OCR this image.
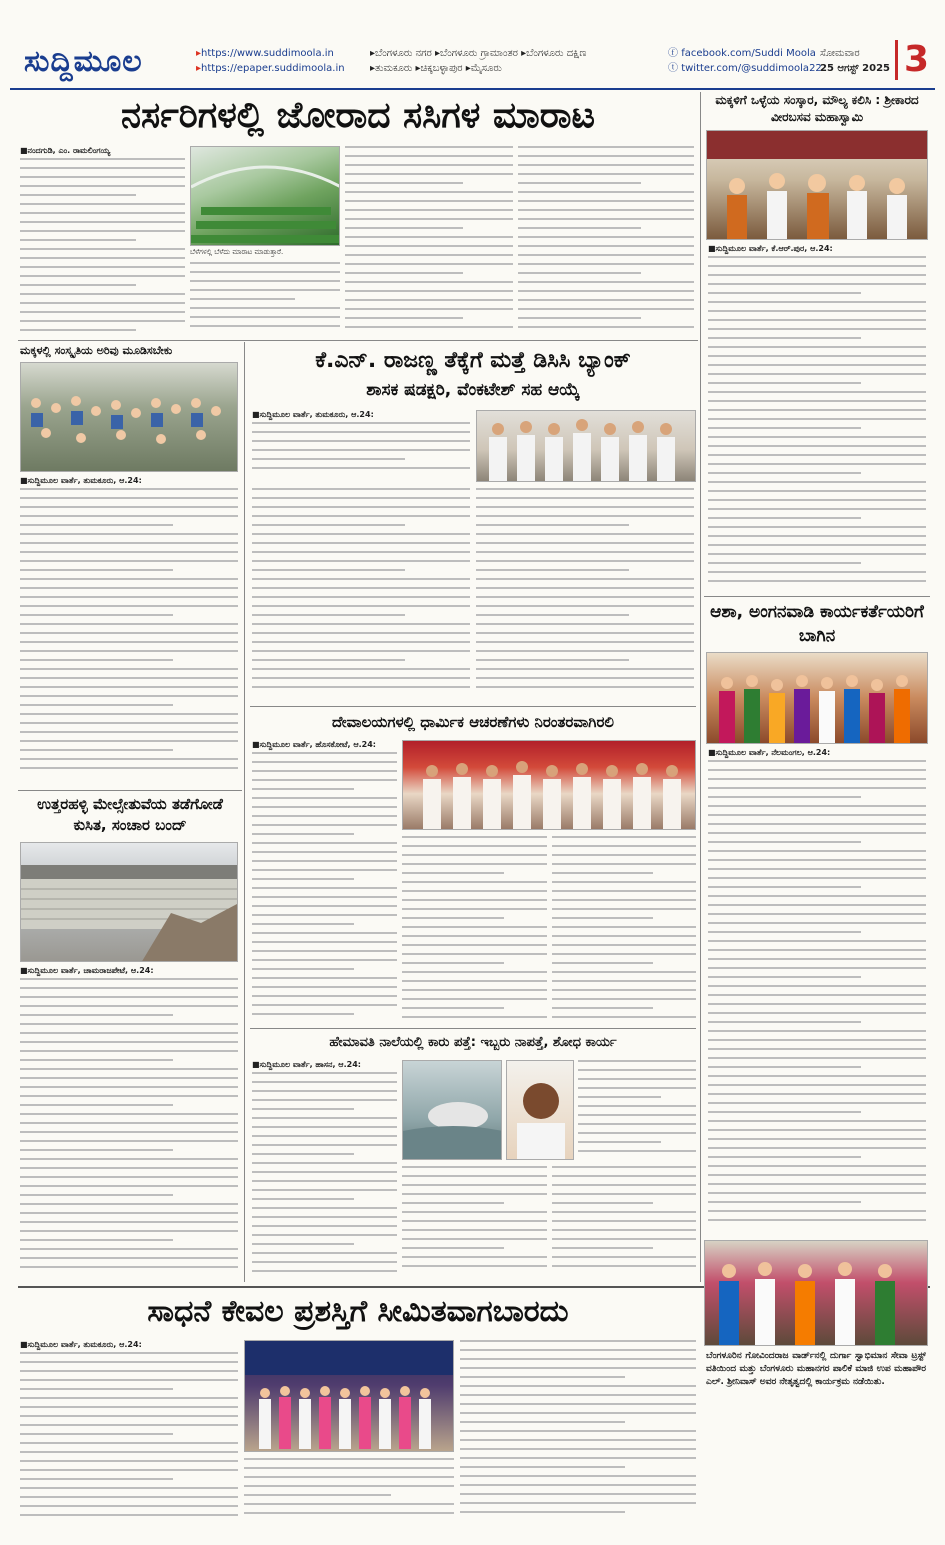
ಸುದ್ದಿಮೂಲ
▸	https://www.suddimoola.in
▸ https://epaper.suddimoola.in
▸ಬೆಂಗಳೂರು ನಗರ ▸ಬೆಂಗಳೂರು ಗ್ರಾಮಾಂತರ ▸ಬೆಂಗಳೂರು ದಕ್ಷಿಣ
▸ತುಮಕೂರು ▸ಚಿಕ್ಕಬಳ್ಳಾಪುರ ▸ಮೈಸೂರು
ⓕ facebook.com/Suddi Moola
ⓣ twitter.com/@suddimoola22
ಸೋಮವಾರ
25 ಆಗಸ್ಟ್ 2025 3
ನರ್ಸರಿಗಳಲ್ಲಿ ಜೋರಾದ ಸಸಿಗಳ ಮಾರಾಟ
■ನಂದಗುಡಿ, ಎಂ. ರಾಮಲಿಂಗಯ್ಯ
ಬೆಳೆಗಳಲ್ಲಿ ಬೆಳೆದು ಮಾರಾಟ ಮಾಡುತ್ತಾರೆ.
ಮಕ್ಕಳಿಗೆ ಒಳ್ಳೆಯ ಸಂಸ್ಕಾರ, ಮೌಲ್ಯ ಕಲಿಸಿ : ಶ್ರೀಕಾರದ ವೀರಬಸವ ಮಹಾಸ್ವಾಮಿ
■ಸುದ್ದಿಮೂಲ ವಾರ್ತೆ, ಕೆ.ಆರ್.ಪುರ, ಆ.24:
ಮಕ್ಕಳಲ್ಲಿ ಸಂಸ್ಕೃತಿಯ ಅರಿವು ಮೂಡಿಸಬೇಕು
■ಸುದ್ದಿಮೂಲ ವಾರ್ತೆ, ತುಮಕೂರು, ಆ.24:
ಕೆ.ಎನ್. ರಾಜಣ್ಣ ತೆಕ್ಕೆಗೆ ಮತ್ತೆ ಡಿಸಿಸಿ ಬ್ಯಾಂಕ್
ಶಾಸಕ ಷಡಕ್ಷರಿ, ವೆಂಕಟೇಶ್ ಸಹ ಆಯ್ಕೆ
■ಸುದ್ದಿಮೂಲ ವಾರ್ತೆ, ತುಮಕೂರು, ಆ.24:
ಆಶಾ, ಅಂಗನವಾಡಿ ಕಾರ್ಯಕರ್ತೆಯರಿಗೆ ಬಾಗಿನ
■ಸುದ್ದಿಮೂಲ ವಾರ್ತೆ, ನೆಲಮಂಗಲ, ಆ.24:
ಉತ್ತರಹಳ್ಳಿ ಮೇಲ್ಸೇತುವೆಯ ತಡೆಗೋಡೆ ಕುಸಿತ, ಸಂಚಾರ ಬಂದ್
■ಸುದ್ದಿಮೂಲ ವಾರ್ತೆ, ಚಾಮರಾಜಪೇಟೆ, ಆ.24:
ದೇವಾಲಯಗಳಲ್ಲಿ ಧಾರ್ಮಿಕ ಆಚರಣೆಗಳು ನಿರಂತರವಾಗಿರಲಿ
■ಸುದ್ದಿಮೂಲ ವಾರ್ತೆ, ಹೊಸಕೋಟೆ, ಆ.24:
ಹೇಮಾವತಿ ನಾಲೆಯಲ್ಲಿ ಕಾರು ಪತ್ತೆ: ಇಬ್ಬರು ನಾಪತ್ತೆ, ಶೋಧ ಕಾರ್ಯ
■ಸುದ್ದಿಮೂಲ ವಾರ್ತೆ, ಹಾಸನ, ಆ.24:
ಸಾಧನೆ ಕೇವಲ ಪ್ರಶಸ್ತಿಗೆ ಸೀಮಿತವಾಗಬಾರದು
■ಸುದ್ದಿಮೂಲ ವಾರ್ತೆ, ತುಮಕೂರು, ಆ.24:
ಬೆಂಗಳೂರಿನ ಗೋವಿಂದರಾಜ ವಾರ್ಡ್‌ನಲ್ಲಿ ದುರ್ಗಾ ಸ್ವಾಭಿಮಾನ ಸೇವಾ ಟ್ರಸ್ಟ್ ವತಿಯಿಂದ ಮತ್ತು ಬೆಂಗಳೂರು ಮಹಾನಗರ ಪಾಲಿಕೆ ಮಾಜಿ ಉಪ ಮಹಾಪೌರ ಎಲ್. ಶ್ರೀನಿವಾಸ್ ಅವರ ನೇತೃತ್ವದಲ್ಲಿ ಕಾರ್ಯಕ್ರಮ ನಡೆಯಿತು.
